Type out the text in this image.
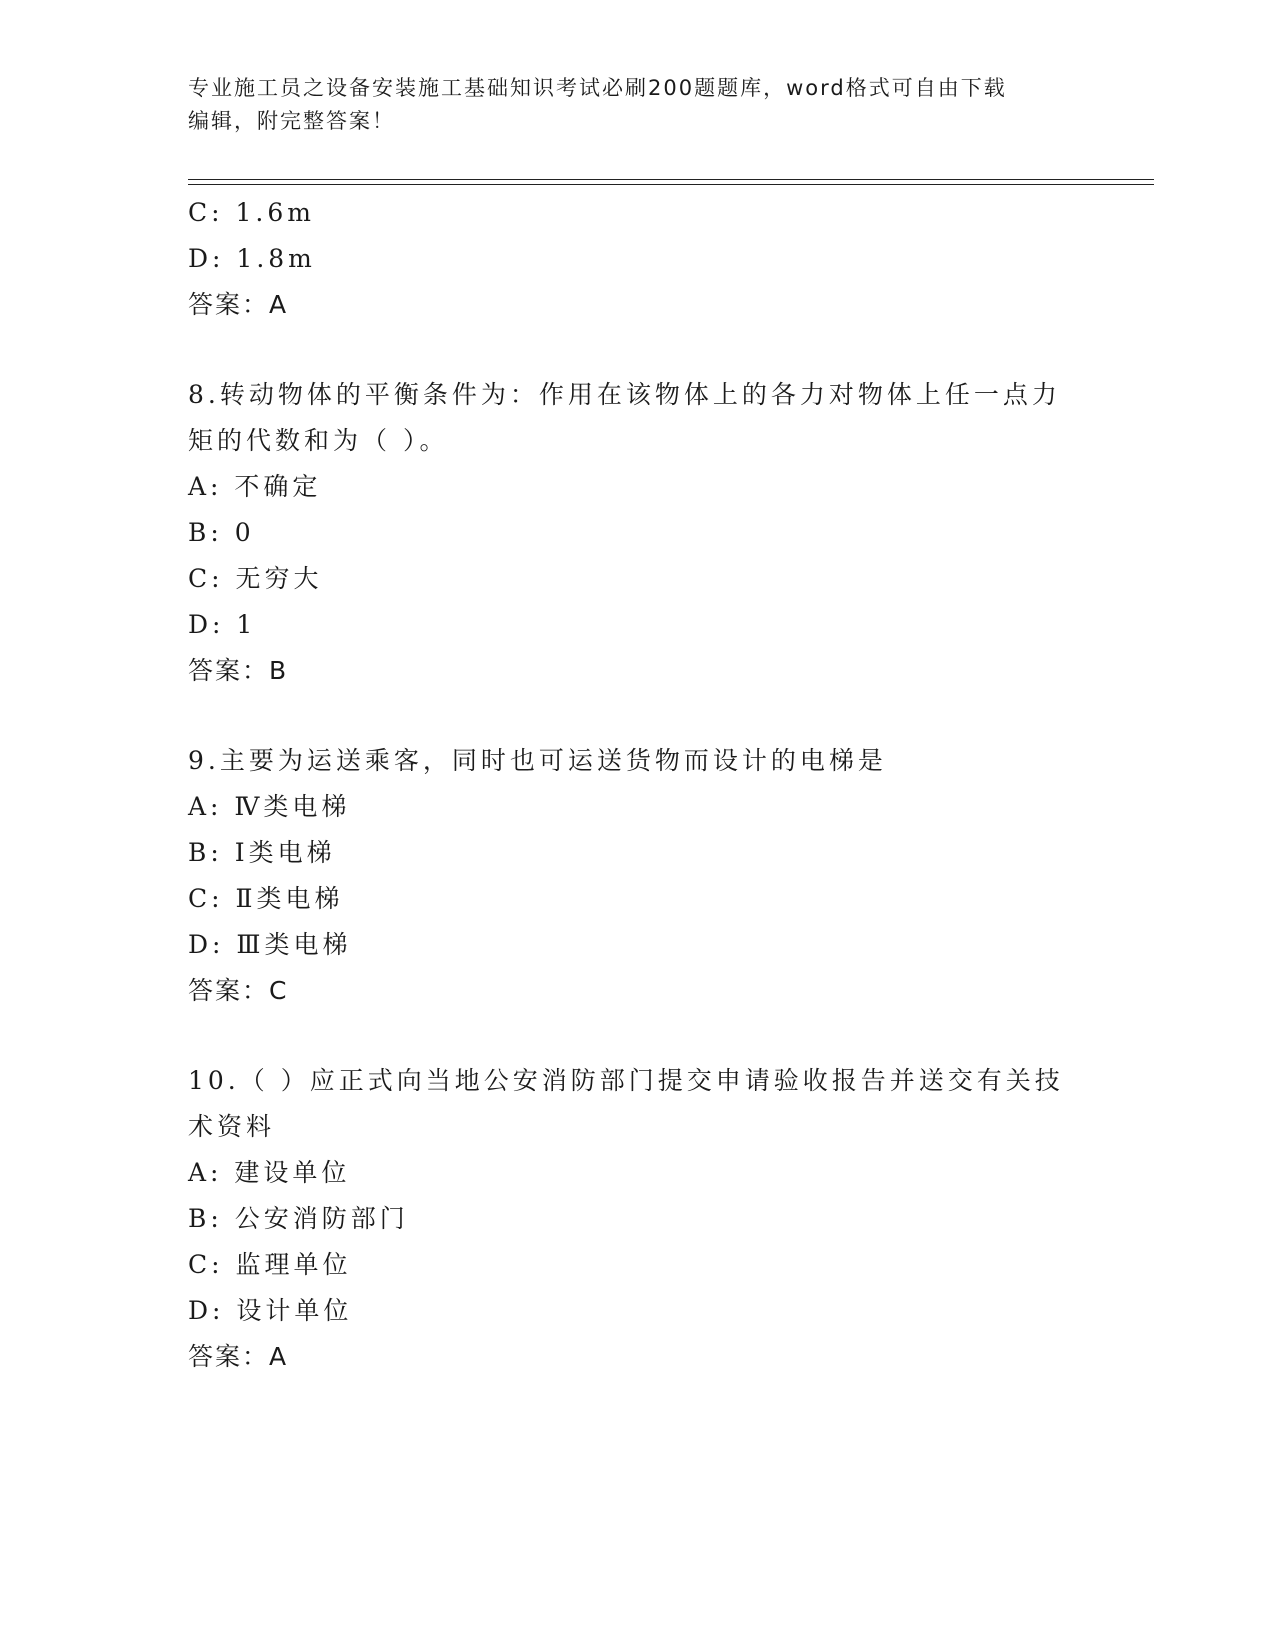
专业施工员之设备安装施工基础知识考试必刷200题题库，word格式可自由下载
编辑，附完整答案！
C: 1.6m
D: 1.8m
答案：A
8.转动物体的平衡条件为：作用在该物体上的各力对物体上任一点力
矩的代数和为（ ）。
A: 不确定
B: 0
C: 无穷大
D: 1
答案：B
9.主要为运送乘客，同时也可运送货物而设计的电梯是
A: Ⅳ类电梯
B: Ⅰ类电梯
C: Ⅱ类电梯
D: Ⅲ类电梯
答案：C
10.（ ）应正式向当地公安消防部门提交申请验收报告并送交有关技
术资料
A: 建设单位
B: 公安消防部门
C: 监理单位
D: 设计单位
答案：A
